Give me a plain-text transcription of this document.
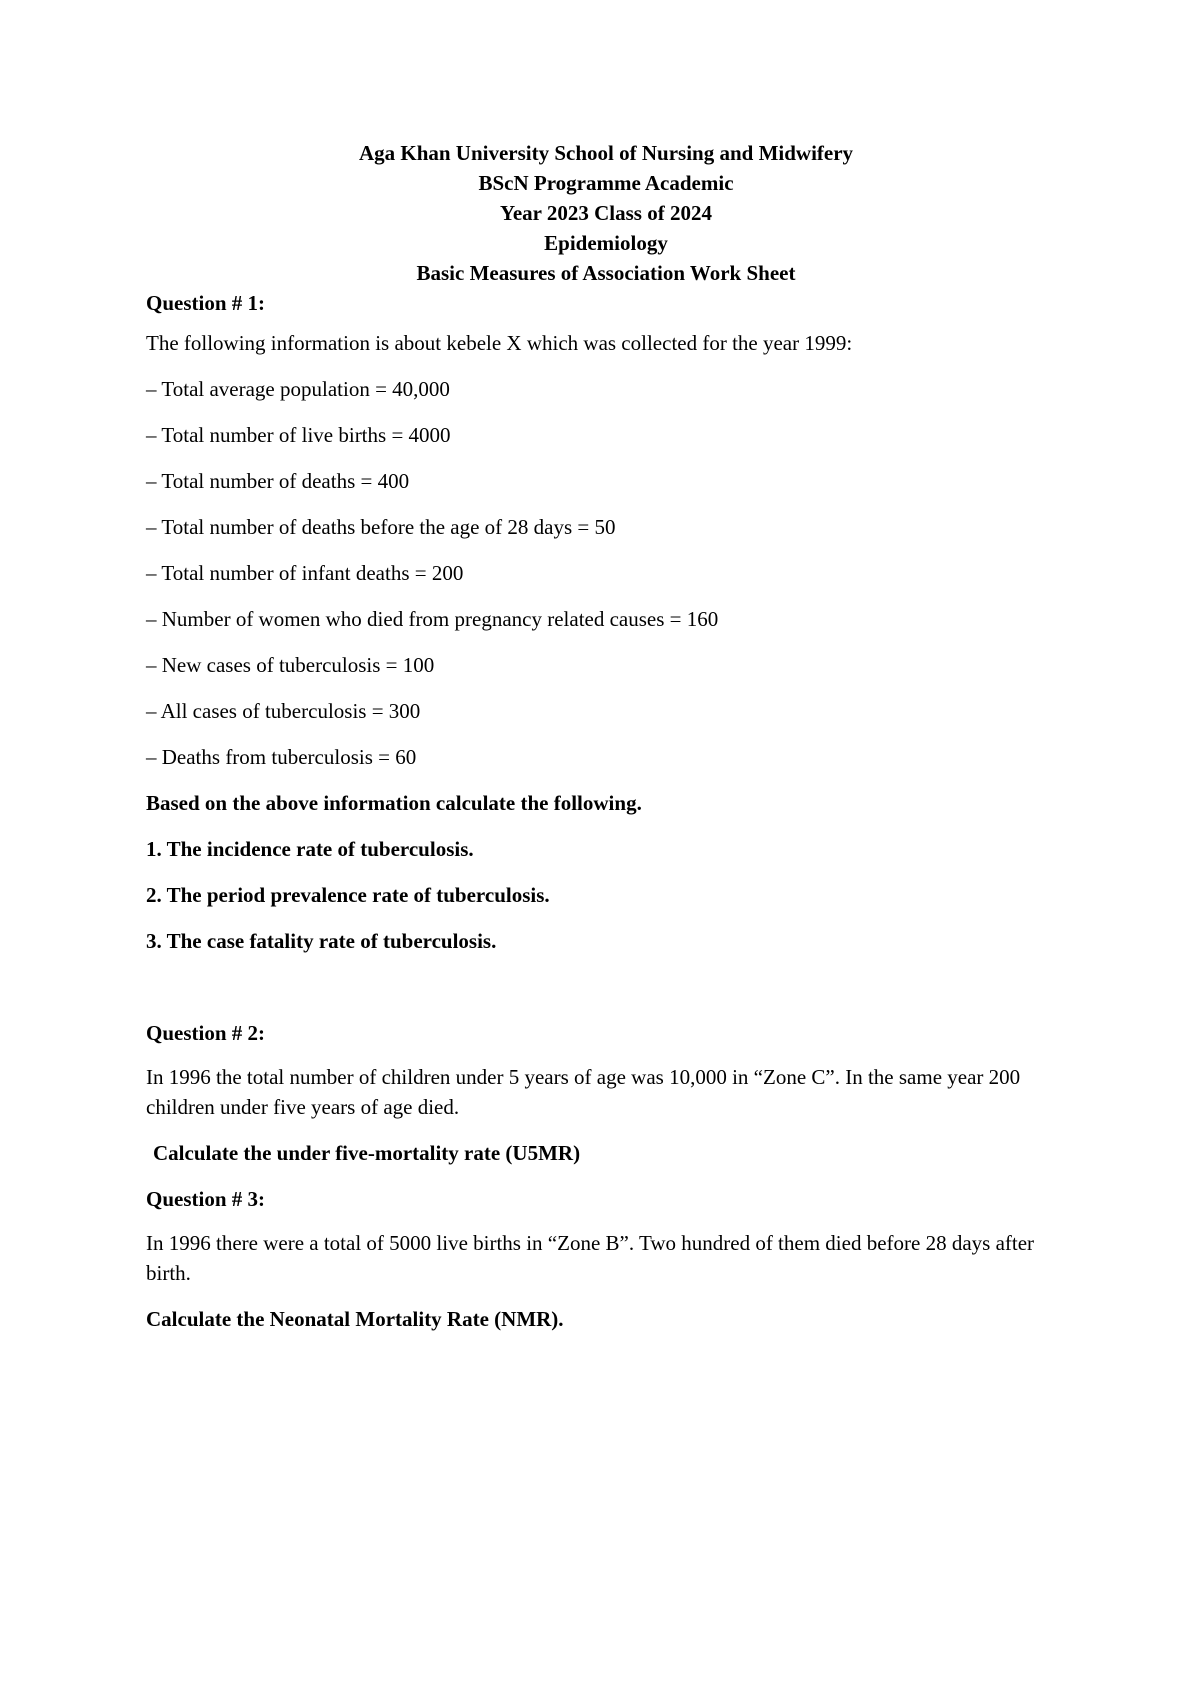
Aga Khan University School of Nursing and Midwifery

BScN Programme Academic

Year 2023 Class of 2024

Epidemiology

Basic Measures of Association Work Sheet

Question # 1:

The following information is about kebele X which was collected for the year 1999:

– Total average population = 40,000
– Total number of live births = 4000
– Total number of deaths = 400
– Total number of deaths before the age of 28 days = 50
– Total number of infant deaths = 200
– Number of women who died from pregnancy related causes = 160
– New cases of tuberculosis = 100
– All cases of tuberculosis = 300
– Deaths from tuberculosis = 60

Based on the above information calculate the following.

1. The incidence rate of tuberculosis.
2. The period prevalence rate of tuberculosis.
3. The case fatality rate of tuberculosis.

Question # 2:

In 1996 the total number of children under 5 years of age was 10,000 in “Zone C”. In the same year 200 children under five years of age died.

Calculate the under five-mortality rate (U5MR)

Question # 3:

In 1996 there were a total of 5000 live births in “Zone B”. Two hundred of them died before 28 days after birth.

Calculate the Neonatal Mortality Rate (NMR).
